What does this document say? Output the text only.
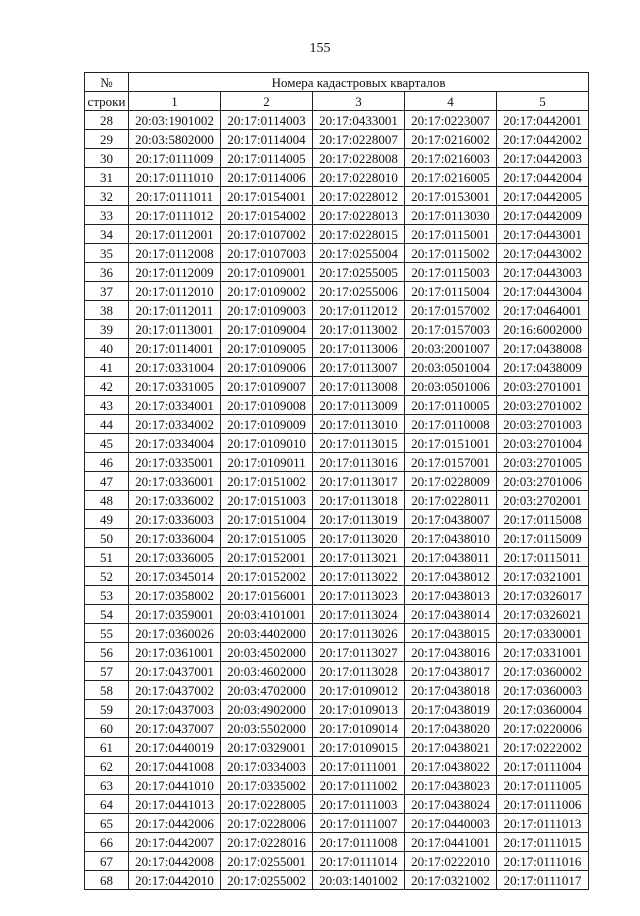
155
№	Номера кадастровых кварталов				
строки	1	2	3	4	5
28	20:03:1901002	20:17:0114003	20:17:0433001	20:17:0223007	20:17:0442001
29	20:03:5802000	20:17:0114004	20:17:0228007	20:17:0216002	20:17:0442002
30	20:17:0111009	20:17:0114005	20:17:0228008	20:17:0216003	20:17:0442003
31	20:17:0111010	20:17:0114006	20:17:0228010	20:17:0216005	20:17:0442004
32	20:17:0111011	20:17:0154001	20:17:0228012	20:17:0153001	20:17:0442005
33	20:17:0111012	20:17:0154002	20:17:0228013	20:17:0113030	20:17:0442009
34	20:17:0112001	20:17:0107002	20:17:0228015	20:17:0115001	20:17:0443001
35	20:17:0112008	20:17:0107003	20:17:0255004	20:17:0115002	20:17:0443002
36	20:17:0112009	20:17:0109001	20:17:0255005	20:17:0115003	20:17:0443003
37	20:17:0112010	20:17:0109002	20:17:0255006	20:17:0115004	20:17:0443004
38	20:17:0112011	20:17:0109003	20:17:0112012	20:17:0157002	20:17:0464001
39	20:17:0113001	20:17:0109004	20:17:0113002	20:17:0157003	20:16:6002000
40	20:17:0114001	20:17:0109005	20:17:0113006	20:03:2001007	20:17:0438008
41	20:17:0331004	20:17:0109006	20:17:0113007	20:03:0501004	20:17:0438009
42	20:17:0331005	20:17:0109007	20:17:0113008	20:03:0501006	20:03:2701001
43	20:17:0334001	20:17:0109008	20:17:0113009	20:17:0110005	20:03:2701002
44	20:17:0334002	20:17:0109009	20:17:0113010	20:17:0110008	20:03:2701003
45	20:17:0334004	20:17:0109010	20:17:0113015	20:17:0151001	20:03:2701004
46	20:17:0335001	20:17:0109011	20:17:0113016	20:17:0157001	20:03:2701005
47	20:17:0336001	20:17:0151002	20:17:0113017	20:17:0228009	20:03:2701006
48	20:17:0336002	20:17:0151003	20:17:0113018	20:17:0228011	20:03:2702001
49	20:17:0336003	20:17:0151004	20:17:0113019	20:17:0438007	20:17:0115008
50	20:17:0336004	20:17:0151005	20:17:0113020	20:17:0438010	20:17:0115009
51	20:17:0336005	20:17:0152001	20:17:0113021	20:17:0438011	20:17:0115011
52	20:17:0345014	20:17:0152002	20:17:0113022	20:17:0438012	20:17:0321001
53	20:17:0358002	20:17:0156001	20:17:0113023	20:17:0438013	20:17:0326017
54	20:17:0359001	20:03:4101001	20:17:0113024	20:17:0438014	20:17:0326021
55	20:17:0360026	20:03:4402000	20:17:0113026	20:17:0438015	20:17:0330001
56	20:17:0361001	20:03:4502000	20:17:0113027	20:17:0438016	20:17:0331001
57	20:17:0437001	20:03:4602000	20:17:0113028	20:17:0438017	20:17:0360002
58	20:17:0437002	20:03:4702000	20:17:0109012	20:17:0438018	20:17:0360003
59	20:17:0437003	20:03:4902000	20:17:0109013	20:17:0438019	20:17:0360004
60	20:17:0437007	20:03:5502000	20:17:0109014	20:17:0438020	20:17:0220006
61	20:17:0440019	20:17:0329001	20:17:0109015	20:17:0438021	20:17:0222002
62	20:17:0441008	20:17:0334003	20:17:0111001	20:17:0438022	20:17:0111004
63	20:17:0441010	20:17:0335002	20:17:0111002	20:17:0438023	20:17:0111005
64	20:17:0441013	20:17:0228005	20:17:0111003	20:17:0438024	20:17:0111006
65	20:17:0442006	20:17:0228006	20:17:0111007	20:17:0440003	20:17:0111013
66	20:17:0442007	20:17:0228016	20:17:0111008	20:17:0441001	20:17:0111015
67	20:17:0442008	20:17:0255001	20:17:0111014	20:17:0222010	20:17:0111016
68	20:17:0442010	20:17:0255002	20:03:1401002	20:17:0321002	20:17:0111017
